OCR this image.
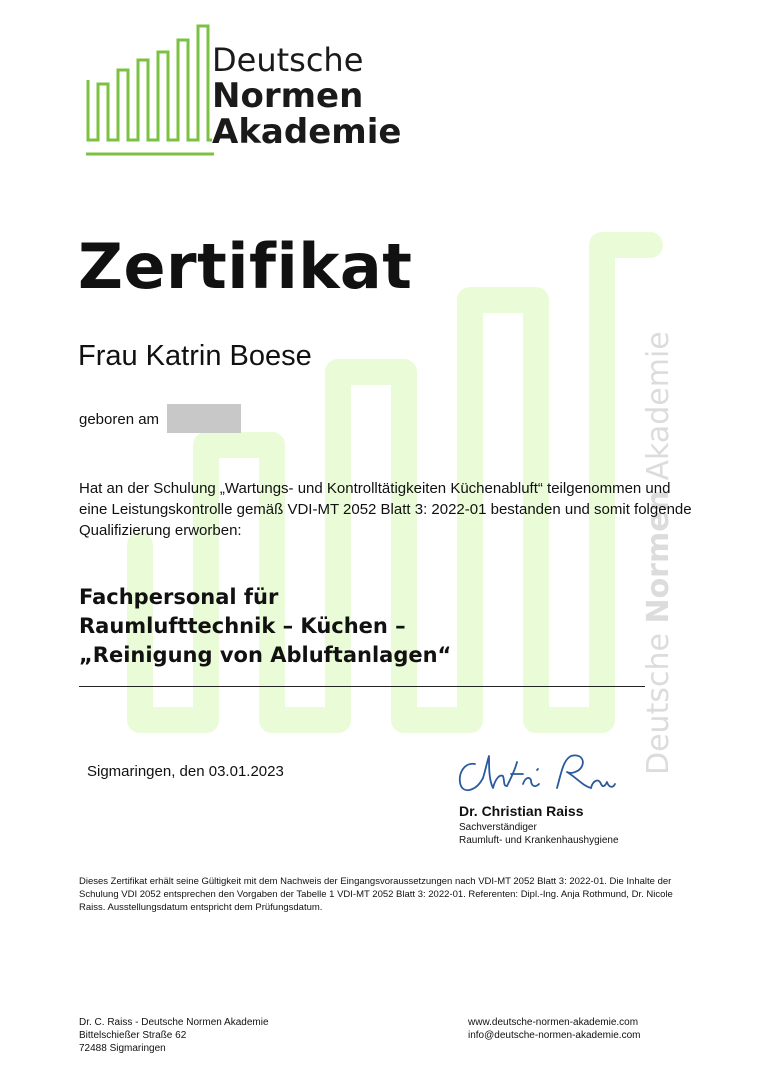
Deutsche Normen Akademie
Deutsche
Normen
Akademie
Zertifikat
Frau Katrin Boese
geboren am
Hat an der Schulung „Wartungs- und Kontrolltätigkeiten Küchenabluft“ teilgenommen und eine Leistungskontrolle gemäß VDI-MT 2052 Blatt 3: 2022-01 bestanden und somit folgende Qualifizierung erworben:
Fachpersonal für
Raumlufttechnik – Küchen –
„Reinigung von Abluftanlagen“
Sigmaringen, den 03.01.2023
Dr. Christian Raiss
Sachverständiger
Raumluft- und Krankenhaushygiene
Dieses Zertifikat erhält seine Gültigkeit mit dem Nachweis der Eingangsvoraussetzungen nach VDI-MT 2052 Blatt 3: 2022-01. Die Inhalte der Schulung VDI 2052 entsprechen den Vorgaben der Tabelle 1 VDI-MT 2052 Blatt 3: 2022-01. Referenten: Dipl.-Ing. Anja Rothmund, Dr. Nicole Raiss. Ausstellungsdatum entspricht dem Prüfungsdatum.
Dr. C. Raiss - Deutsche Normen Akademie
Bittelschießer Straße 62
72488 Sigmaringen
www.deutsche-normen-akademie.com
info@deutsche-normen-akademie.com
